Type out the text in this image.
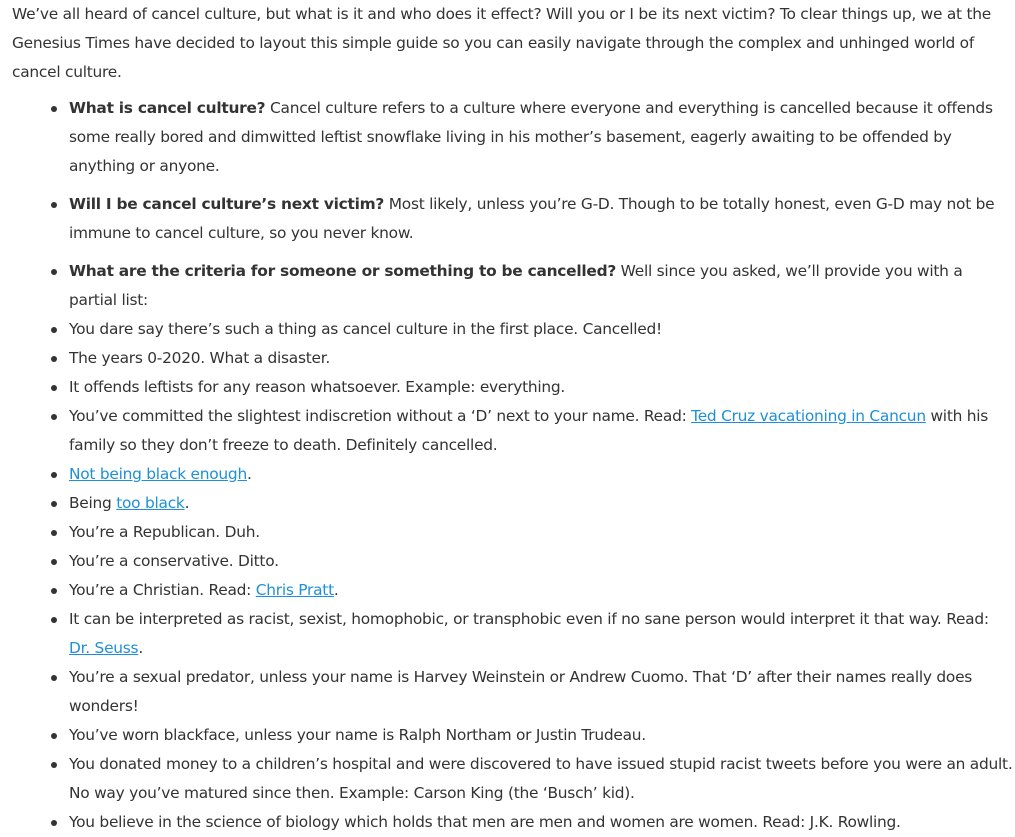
We’ve all heard of cancel culture, but what is it and who does it effect? Will you or I be its next victim? To clear things up, we at the Genesius Times have decided to layout this simple guide so you can easily navigate through the complex and unhinged world of cancel culture.

What is cancel culture? Cancel culture refers to a culture where everyone and everything is cancelled because it offends some really bored and dimwitted leftist snowflake living in his mother’s basement, eagerly awaiting to be offended by anything or anyone.
Will I be cancel culture’s next victim? Most likely, unless you’re G-D. Though to be totally honest, even G-D may not be immune to cancel culture, so you never know.
What are the criteria for someone or something to be cancelled? Well since you asked, we’ll provide you with a partial list:
You dare say there’s such a thing as cancel culture in the first place. Cancelled!
The years 0-2020. What a disaster.
It offends leftists for any reason whatsoever. Example: everything.
You’ve committed the slightest indiscretion without a ‘D’ next to your name. Read: Ted Cruz vacationing in Cancun with his family so they don’t freeze to death. Definitely cancelled.
Not being black enough.
Being too black.
You’re a Republican. Duh.
You’re a conservative. Ditto.
You’re a Christian. Read: Chris Pratt.
It can be interpreted as racist, sexist, homophobic, or transphobic even if no sane person would interpret it that way. Read: Dr. Seuss.
You’re a sexual predator, unless your name is Harvey Weinstein or Andrew Cuomo. That ‘D’ after their names really does wonders!
You’ve worn blackface, unless your name is Ralph Northam or Justin Trudeau.
You donated money to a children’s hospital and were discovered to have issued stupid racist tweets before you were an adult. No way you’ve matured since then. Example: Carson King (the ‘Busch’ kid).
You believe in the science of biology which holds that men are men and women are women. Read: J.K. Rowling.
